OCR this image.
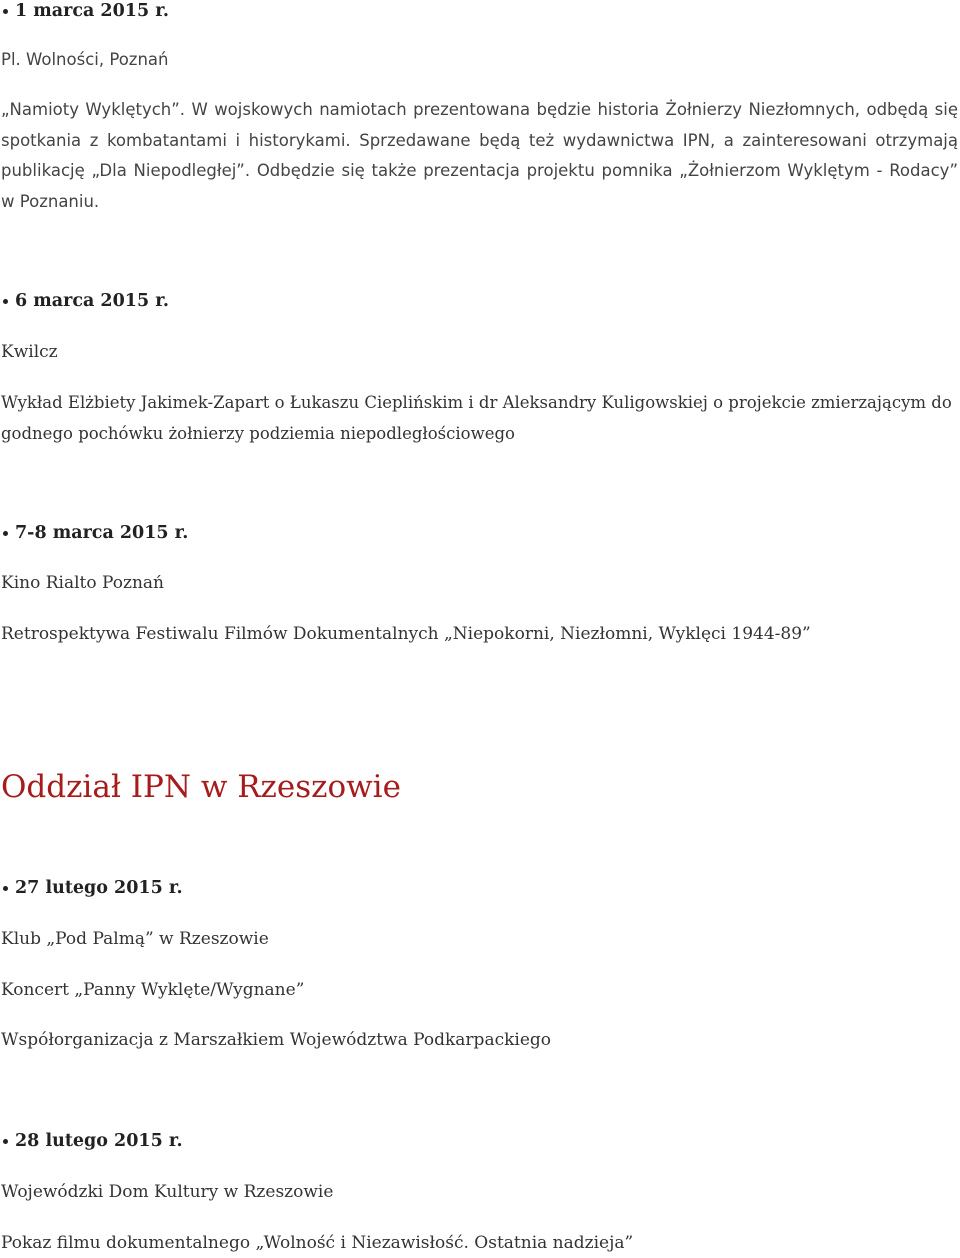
1 marca 2015 r.

Pl. Wolności, Poznań

„Namioty Wyklętych”. W wojskowych namiotach prezentowana będzie historia Żołnierzy Niezłomnych, odbędą się spotkania z kombatantami i historykami. Sprzedawane będą też wydawnictwa IPN, a zainteresowani otrzymają publikację „Dla Niepodległej”. Odbędzie się także prezentacja projektu pomnika „Żołnierzom Wyklętym - Rodacy” w Poznaniu.

6 marca 2015 r.

Kwilcz

Wykład Elżbiety Jakimek-Zapart o Łukaszu Cieplińskim i dr Aleksandry Kuligowskiej o projekcie zmierzającym do godnego pochówku żołnierzy podziemia niepodległościowego

7-8 marca 2015 r.

Kino Rialto Poznań

Retrospektywa Festiwalu Filmów Dokumentalnych „Niepokorni, Niezłomni, Wyklęci 1944-89”

Oddział IPN w Rzeszowie

27 lutego 2015 r.

Klub „Pod Palmą” w Rzeszowie

Koncert „Panny Wyklęte/Wygnane”

Współorganizacja z Marszałkiem Województwa Podkarpackiego

28 lutego 2015 r.

Wojewódzki Dom Kultury w Rzeszowie

Pokaz filmu dokumentalnego „Wolność i Niezawisłość. Ostatnia nadzieja”
